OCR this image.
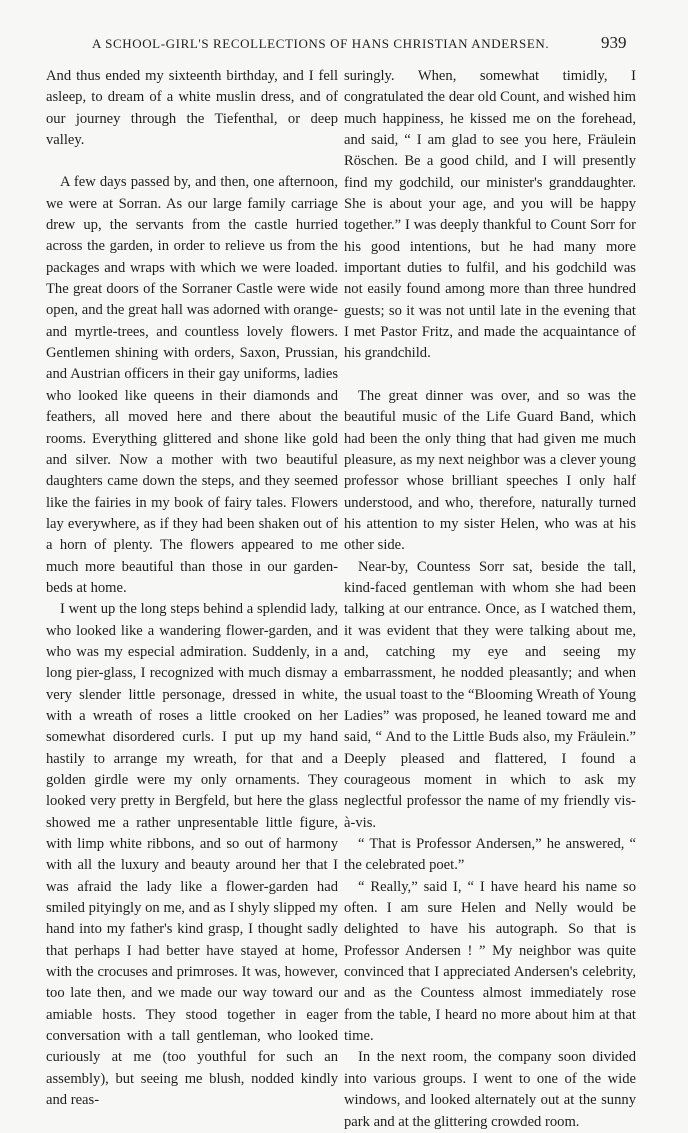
A SCHOOL-GIRL'S RECOLLECTIONS OF HANS CHRISTIAN ANDERSEN.	939

And thus ended my sixteenth birthday, and I fell asleep, to dream of a white muslin dress, and of our journey through the Tiefenthal, or deep valley.

A few days passed by, and then, one afternoon, we were at Sorran. As our large family carriage drew up, the servants from the castle hurried across the garden, in order to relieve us from the packages and wraps with which we were loaded. The great doors of the Sorraner Castle were wide open, and the great hall was adorned with orange- and myrtle-trees, and countless lovely flowers. Gentlemen shining with orders, Saxon, Prussian, and Austrian officers in their gay uniforms, ladies who looked like queens in their diamonds and feathers, all moved here and there about the rooms. Everything glittered and shone like gold and silver. Now a mother with two beautiful daughters came down the steps, and they seemed like the fairies in my book of fairy tales. Flowers lay everywhere, as if they had been shaken out of a horn of plenty. The flowers appeared to me much more beautiful than those in our garden-beds at home.

I went up the long steps behind a splendid lady, who looked like a wandering flower-garden, and who was my especial admiration. Suddenly, in a long pier-glass, I recognized with much dismay a very slender little personage, dressed in white, with a wreath of roses a little crooked on her somewhat disordered curls. I put up my hand hastily to arrange my wreath, for that and a golden girdle were my only ornaments. They looked very pretty in Bergfeld, but here the glass showed me a rather unpresentable little figure, with limp white ribbons, and so out of harmony with all the luxury and beauty around her that I was afraid the lady like a flower-garden had smiled pityingly on me, and as I shyly slipped my hand into my father's kind grasp, I thought sadly that perhaps I had better have stayed at home, with the crocuses and primroses. It was, however, too late then, and we made our way toward our amiable hosts. They stood together in eager conversation with a tall gentleman, who looked curiously at me (too youthful for such an assembly), but seeing me blush, nodded kindly and reas-

suringly. When, somewhat timidly, I congratulated the dear old Count, and wished him much happiness, he kissed me on the forehead, and said, “ I am glad to see you here, Fräulein Röschen. Be a good child, and I will presently find my godchild, our minister's granddaughter. She is about your age, and you will be happy together.” I was deeply thankful to Count Sorr for his good intentions, but he had many more important duties to fulfil, and his godchild was not easily found among more than three hundred guests; so it was not until late in the evening that I met Pastor Fritz, and made the acquaintance of his grandchild.

The great dinner was over, and so was the beautiful music of the Life Guard Band, which had been the only thing that had given me much pleasure, as my next neighbor was a clever young professor whose brilliant speeches I only half understood, and who, therefore, naturally turned his attention to my sister Helen, who was at his other side.

Near-by, Countess Sorr sat, beside the tall, kind-faced gentleman with whom she had been talking at our entrance. Once, as I watched them, it was evident that they were talking about me, and, catching my eye and seeing my embarrassment, he nodded pleasantly; and when the usual toast to the “Blooming Wreath of Young Ladies” was proposed, he leaned toward me and said, “ And to the Little Buds also, my Fräulein.” Deeply pleased and flattered, I found a courageous moment in which to ask my neglectful professor the name of my friendly vis-à-vis.

“ That is Professor Andersen,” he answered, “ the celebrated poet.”

“ Really,” said I, “ I have heard his name so often. I am sure Helen and Nelly would be delighted to have his autograph. So that is Professor Andersen ! ” My neighbor was quite convinced that I appreciated Andersen's celebrity, and as the Countess almost immediately rose from the table, I heard no more about him at that time.

In the next room, the company soon divided into various groups. I went to one of the wide windows, and looked alternately out at the sunny park and at the glittering crowded room.
